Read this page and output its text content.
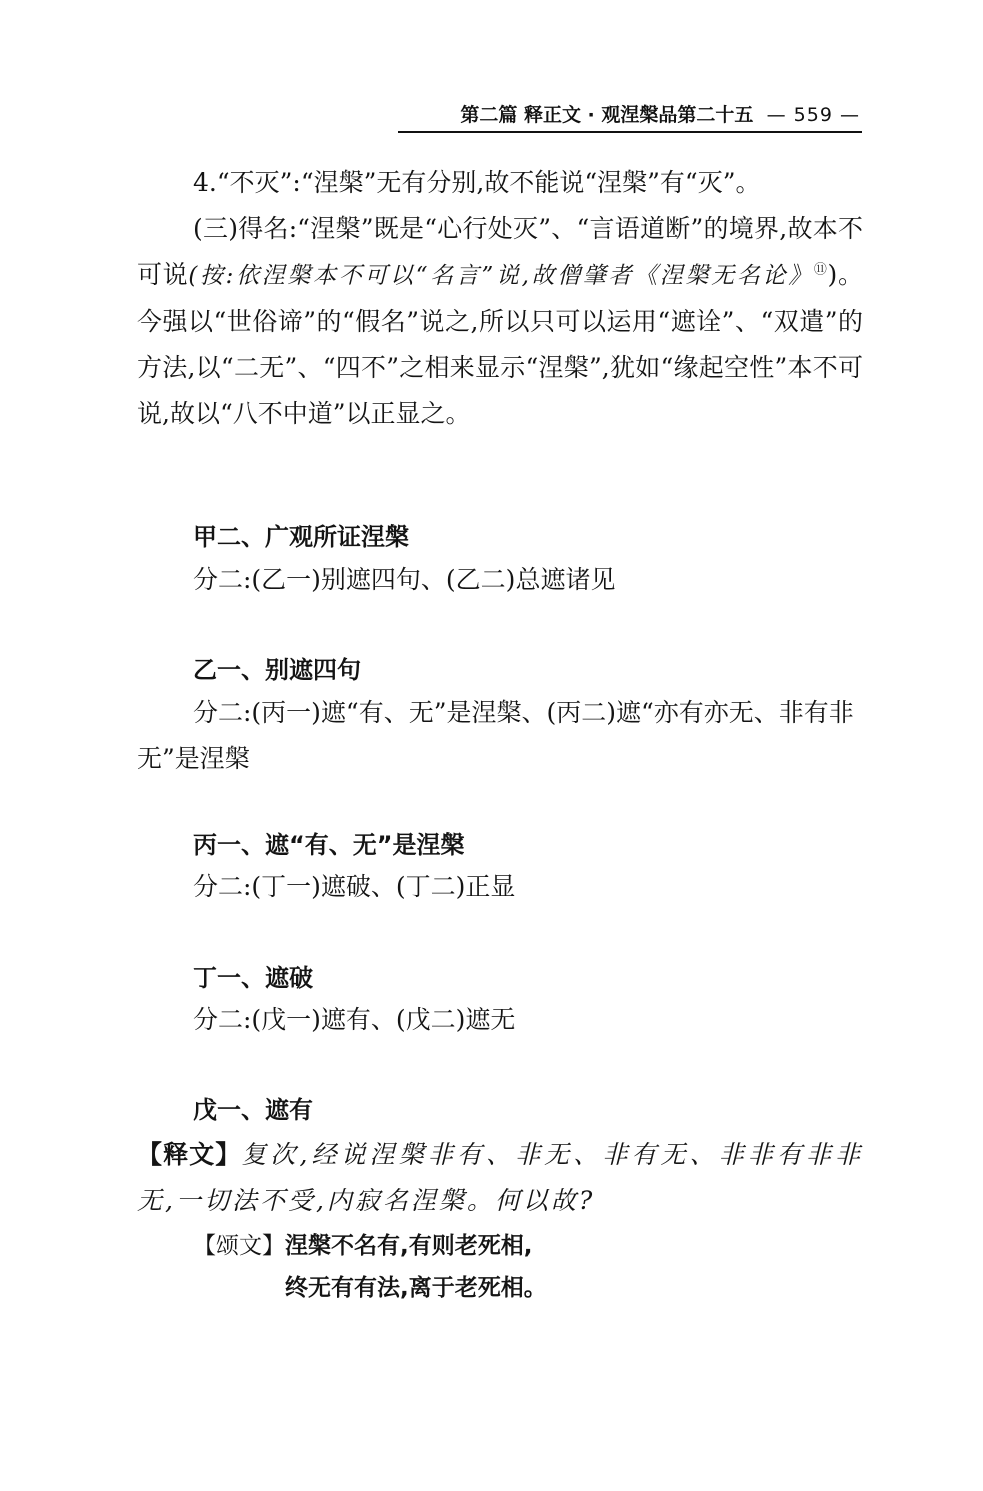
第二篇 释正文 · 观涅槃品第二十五 — 559 —

4.“不灭”:“涅槃”无有分别,故不能说“涅槃”有“灭”。

(三)得名:“涅槃”既是“心行处灭”、“言语道断”的境界,故本不可说(按:依涅槃本不可以“名言”说,故僧肇者《涅槃无名论》⑪)。今强以“世俗谛”的“假名”说之,所以只可以运用“遮诠”、“双遣”的方法,以“二无”、“四不”之相来显示“涅槃”,犹如“缘起空性”本不可说,故以“八不中道”以正显之。

甲二、广观所证涅槃

分二:(乙一)别遮四句、(乙二)总遮诸见

乙一、别遮四句

分二:(丙一)遮“有、无”是涅槃、(丙二)遮“亦有亦无、非有非无”是涅槃

丙一、遮“有、无”是涅槃

分二:(丁一)遮破、(丁二)正显

丁一、遮破

分二:(戊一)遮有、(戊二)遮无

戊一、遮有

【释文】复次,经说涅槃非有、非无、非有无、非非有非非无,一切法不受,内寂名涅槃。何以故?

【颂文】涅槃不名有,有则老死相,

终无有有法,离于老死相。
